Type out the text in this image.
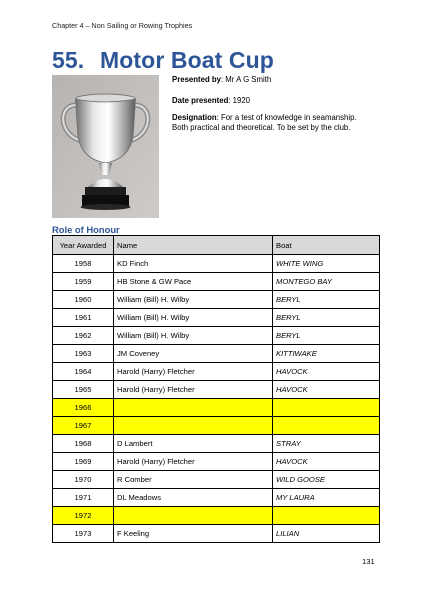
Chapter 4 – Non Sailing or Rowing Trophies
55. Motor Boat Cup
Presented by: Mr A G Smith
Date presented: 1920
Designation: For a test of knowledge in seamanship.
Both practical and theoretical. To be set by the club.
Role of Honour
Year Awarded	Name	Boat
1958	KD Finch	WHITE WING
1959	HB Stone & GW Pace	MONTEGO BAY
1960	William (Bill) H. Wilby	BERYL
1961	William (Bill) H. Wilby	BERYL
1962	William (Bill) H. Wilby	BERYL
1963	JM Coveney	KITTIWAKE
1964	Harold (Harry) Fletcher	HAVOCK
1965	Harold (Harry) Fletcher	HAVOCK
1966		
1967		
1968	D Lambert	STRAY
1969	Harold (Harry) Fletcher	HAVOCK
1970	R Comber	WILD GOOSE
1971	DL Meadows	MY LAURA
1972		
1973	F Keeling	LILIAN
131
